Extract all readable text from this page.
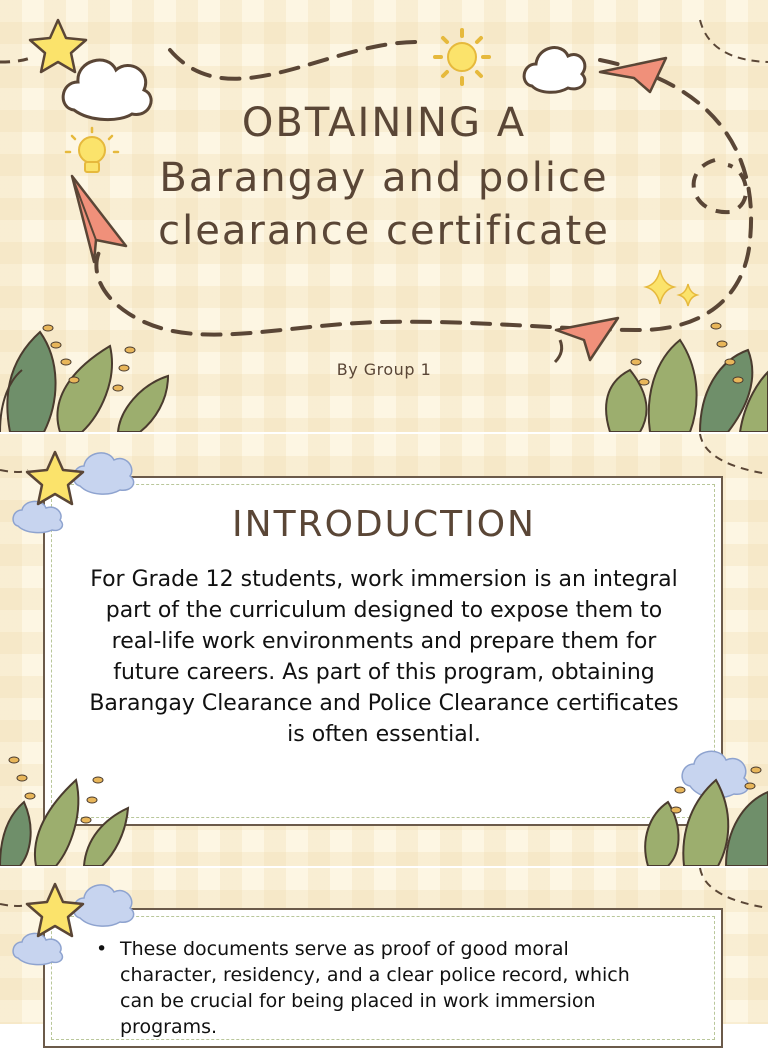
OBTAINING A
Barangay and police
clearance certificate
By Group 1
INTRODUCTION

For Grade 12 students, work immersion is an integral part of the curriculum designed to expose them to real-life work environments and prepare them for future careers. As part of this program, obtaining Barangay Clearance and Police Clearance certificates is often essential.

• These documents serve as proof of good moral character, residency, and a clear police record, which can be crucial for being placed in work immersion programs.
